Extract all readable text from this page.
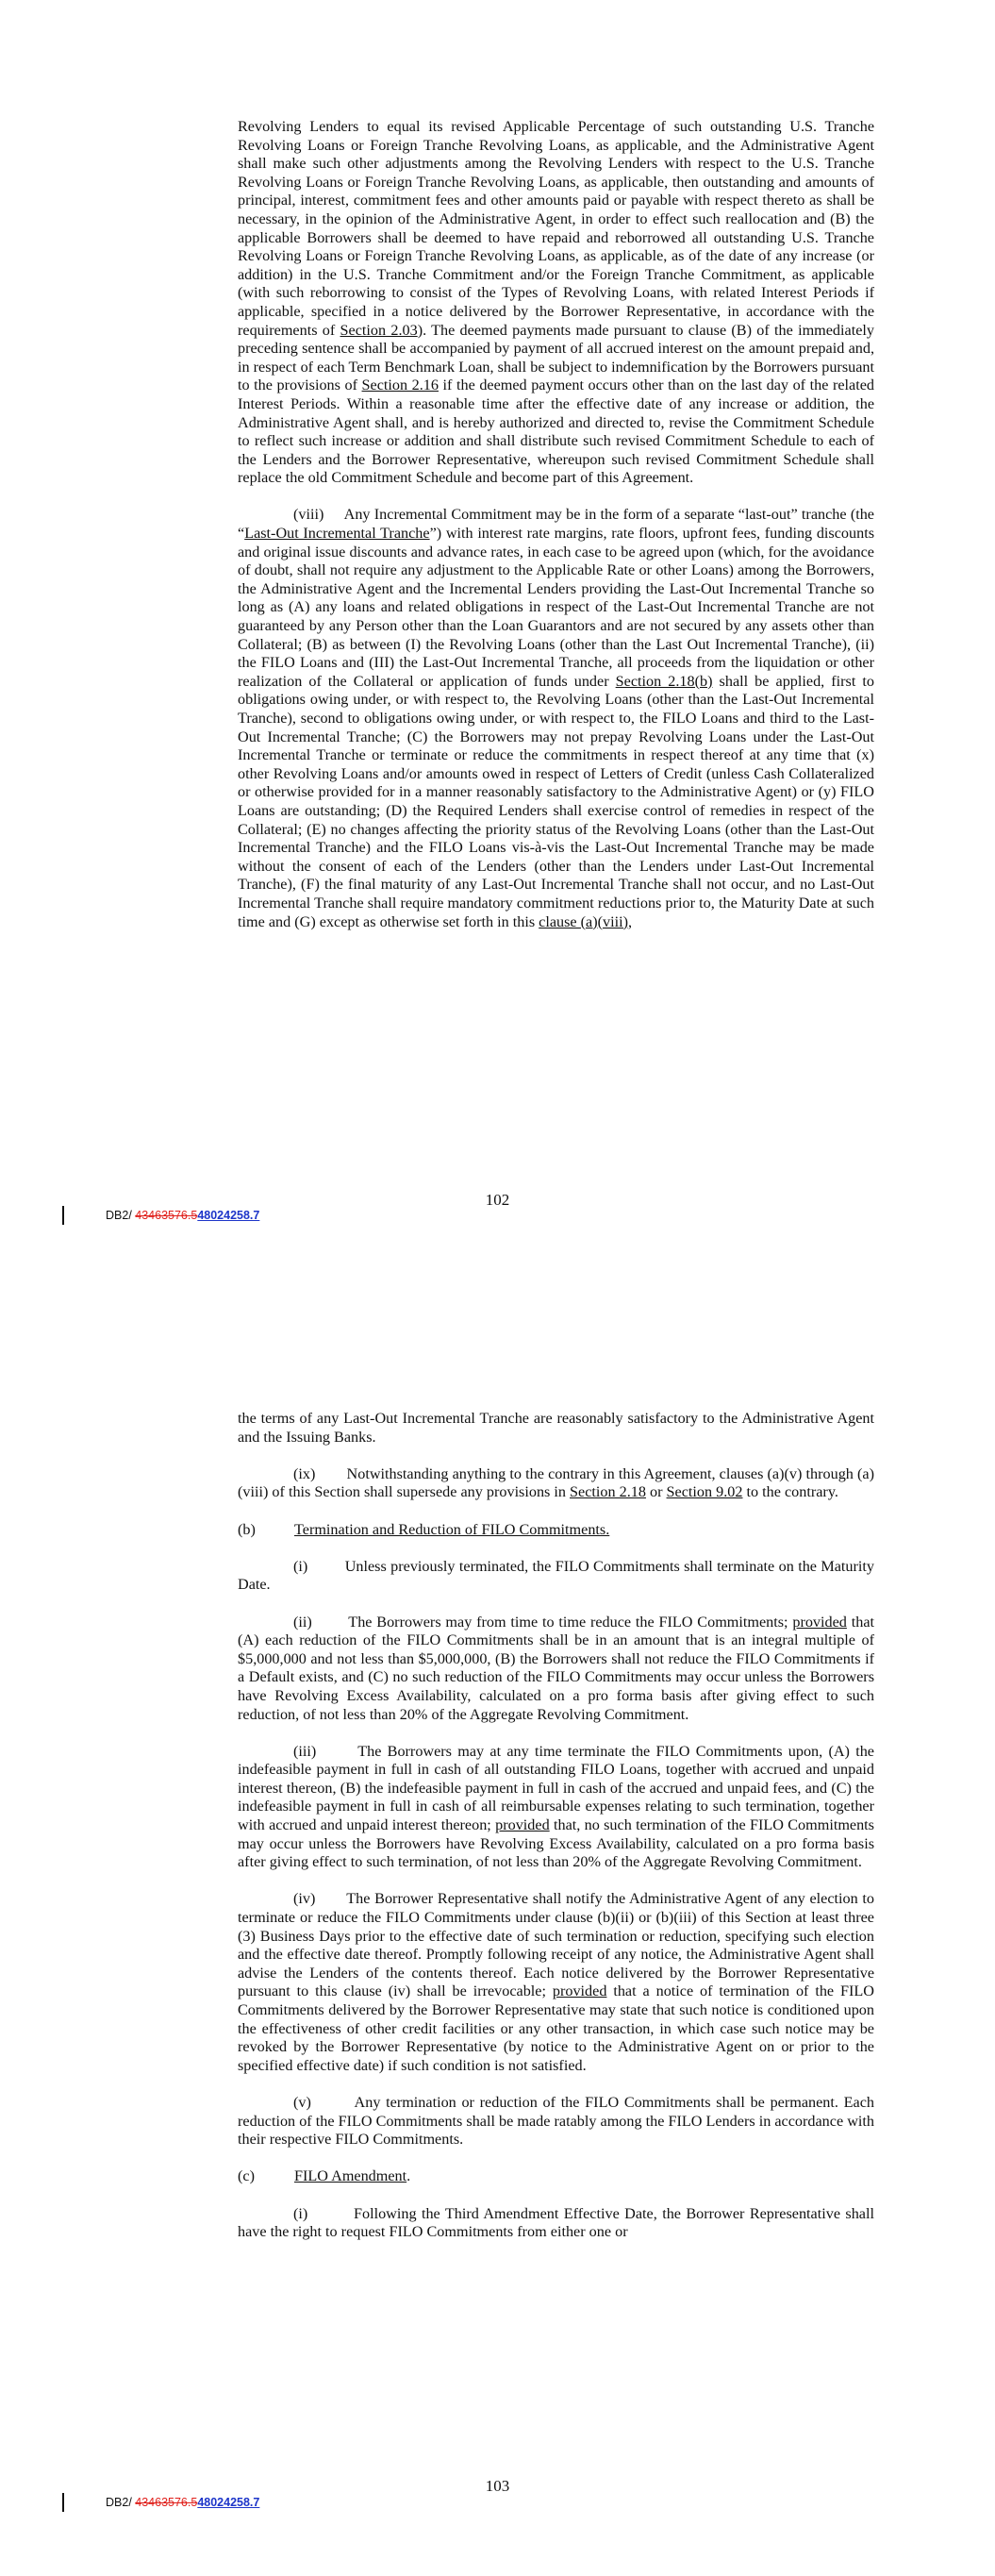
Revolving Lenders to equal its revised Applicable Percentage of such outstanding U.S. Tranche Revolving Loans or Foreign Tranche Revolving Loans, as applicable, and the Administrative Agent shall make such other adjustments among the Revolving Lenders with respect to the U.S. Tranche Revolving Loans or Foreign Tranche Revolving Loans, as applicable, then outstanding and amounts of principal, interest, commitment fees and other amounts paid or payable with respect thereto as shall be necessary, in the opinion of the Administrative Agent, in order to effect such reallocation and (B) the applicable Borrowers shall be deemed to have repaid and reborrowed all outstanding U.S. Tranche Revolving Loans or Foreign Tranche Revolving Loans, as applicable, as of the date of any increase (or addition) in the U.S. Tranche Commitment and/or the Foreign Tranche Commitment, as applicable (with such reborrowing to consist of the Types of Revolving Loans, with related Interest Periods if applicable, specified in a notice delivered by the Borrower Representative, in accordance with the requirements of Section 2.03). The deemed payments made pursuant to clause (B) of the immediately preceding sentence shall be accompanied by payment of all accrued interest on the amount prepaid and, in respect of each Term Benchmark Loan, shall be subject to indemnification by the Borrowers pursuant to the provisions of Section 2.16 if the deemed payment occurs other than on the last day of the related Interest Periods. Within a reasonable time after the effective date of any increase or addition, the Administrative Agent shall, and is hereby authorized and directed to, revise the Commitment Schedule to reflect such increase or addition and shall distribute such revised Commitment Schedule to each of the Lenders and the Borrower Representative, whereupon such revised Commitment Schedule shall replace the old Commitment Schedule and become part of this Agreement.

(viii)     Any Incremental Commitment may be in the form of a separate “last-out” tranche (the “Last-Out Incremental Tranche”) with interest rate margins, rate floors, upfront fees, funding discounts and original issue discounts and advance rates, in each case to be agreed upon (which, for the avoidance of doubt, shall not require any adjustment to the Applicable Rate or other Loans) among the Borrowers, the Administrative Agent and the Incremental Lenders providing the Last-Out Incremental Tranche so long as (A) any loans and related obligations in respect of the Last-Out Incremental Tranche are not guaranteed by any Person other than the Loan Guarantors and are not secured by any assets other than Collateral; (B) as between (I) the Revolving Loans (other than the Last Out Incremental Tranche), (ii) the FILO Loans and (III) the Last-Out Incremental Tranche, all proceeds from the liquidation or other realization of the Collateral or application of funds under Section 2.18(b) shall be applied, first to obligations owing under, or with respect to, the Revolving Loans (other than the Last-Out Incremental Tranche), second to obligations owing under, or with respect to, the FILO Loans and third to the Last-Out Incremental Tranche; (C) the Borrowers may not prepay Revolving Loans under the Last-Out Incremental Tranche or terminate or reduce the commitments in respect thereof at any time that (x) other Revolving Loans and/or amounts owed in respect of Letters of Credit (unless Cash Collateralized or otherwise provided for in a manner reasonably satisfactory to the Administrative Agent) or (y) FILO Loans are outstanding; (D) the Required Lenders shall exercise control of remedies in respect of the Collateral; (E) no changes affecting the priority status of the Revolving Loans (other than the Last-Out Incremental Tranche) and the FILO Loans vis-à-vis the Last-Out Incremental Tranche may be made without the consent of each of the Lenders (other than the Lenders under Last-Out Incremental Tranche), (F) the final maturity of any Last-Out Incremental Tranche shall not occur, and no Last-Out Incremental Tranche shall require mandatory commitment reductions prior to, the Maturity Date at such time and (G) except as otherwise set forth in this clause (a)(viii),

DB2/ 43463576.548024258.7
102

the terms of any Last-Out Incremental Tranche are reasonably satisfactory to the Administrative Agent and the Issuing Banks.

(ix)        Notwithstanding anything to the contrary in this Agreement, clauses (a)(v) through (a)(viii) of this Section shall supersede any provisions in Section 2.18 or Section 9.02 to the contrary.

(b)	Termination and Reduction of FILO Commitments.

(i)         Unless previously terminated, the FILO Commitments shall terminate on the Maturity Date.

(ii)        The Borrowers may from time to time reduce the FILO Commitments; provided that (A) each reduction of the FILO Commitments shall be in an amount that is an integral multiple of $5,000,000 and not less than $5,000,000, (B) the Borrowers shall not reduce the FILO Commitments if a Default exists, and (C) no such reduction of the FILO Commitments may occur unless the Borrowers have Revolving Excess Availability, calculated on a pro forma basis after giving effect to such reduction, of not less than 20% of the Aggregate Revolving Commitment.

(iii)       The Borrowers may at any time terminate the FILO Commitments upon, (A) the indefeasible payment in full in cash of all outstanding FILO Loans, together with accrued and unpaid interest thereon, (B) the indefeasible payment in full in cash of the accrued and unpaid fees, and (C) the indefeasible payment in full in cash of all reimbursable expenses relating to such termination, together with accrued and unpaid interest thereon; provided that, no such termination of the FILO Commitments may occur unless the Borrowers have Revolving Excess Availability, calculated on a pro forma basis after giving effect to such termination, of not less than 20% of the Aggregate Revolving Commitment.

(iv)       The Borrower Representative shall notify the Administrative Agent of any election to terminate or reduce the FILO Commitments under clause (b)(ii) or (b)(iii) of this Section at least three (3) Business Days prior to the effective date of such termination or reduction, specifying such election and the effective date thereof. Promptly following receipt of any notice, the Administrative Agent shall advise the Lenders of the contents thereof. Each notice delivered by the Borrower Representative pursuant to this clause (iv) shall be irrevocable; provided that a notice of termination of the FILO Commitments delivered by the Borrower Representative may state that such notice is conditioned upon the effectiveness of other credit facilities or any other transaction, in which case such notice may be revoked by the Borrower Representative (by notice to the Administrative Agent on or prior to the specified effective date) if such condition is not satisfied.

(v)        Any termination or reduction of the FILO Commitments shall be permanent. Each reduction of the FILO Commitments shall be made ratably among the FILO Lenders in accordance with their respective FILO Commitments.

(c)	FILO Amendment.

(i)         Following the Third Amendment Effective Date, the Borrower Representative shall have the right to request FILO Commitments from either one or

DB2/ 43463576.548024258.7
103
